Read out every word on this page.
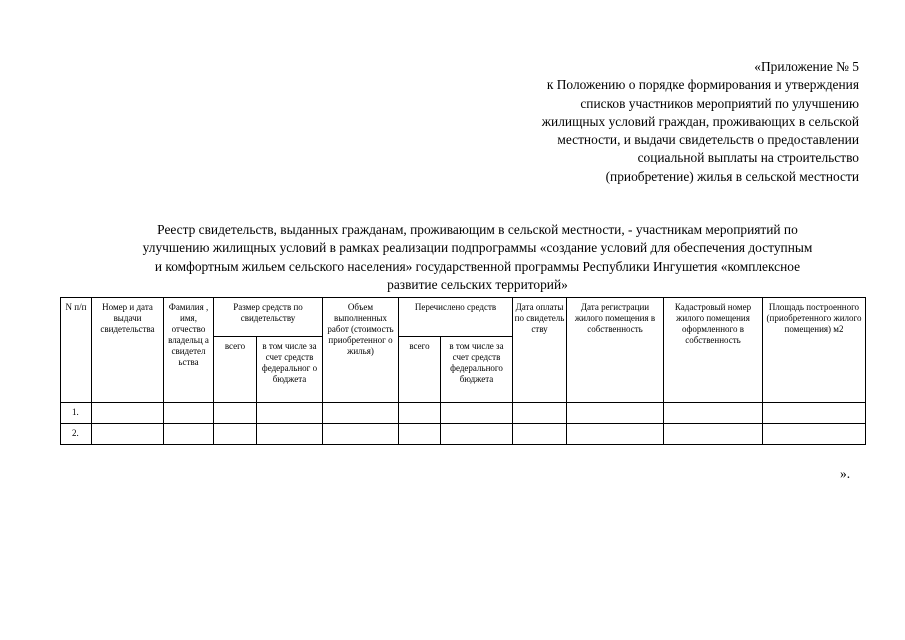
«Приложение № 5
к Положению о порядке формирования и утверждения
списков участников мероприятий по улучшению
жилищных условий граждан, проживающих в сельской
местности, и выдачи свидетельств о предоставлении
социальной выплаты на строительство
(приобретение) жилья в сельской местности
Реестр свидетельств, выданных гражданам, проживающим в сельской местности, - участникам мероприятий по
улучшению жилищных условий в рамках реализации подпрограммы «создание условий для обеспечения доступным
и комфортным жильем сельского населения» государственной программы Республики Ингушетия «комплексное
развитие сельских территорий»
N п/п	Номер и дата выдачи свидетельства	Фамилия , имя, отчество владельц а свидетел ьства	Размер средств по свидетельству		Объем выполненных работ (стоимость приобретенног о жилья)	Перечислено средств		Дата оплаты по свидетель ству	Дата регистрации жилого помещения в собственность	Кадастровый номер жилого помещения оформленного в собственность	Площадь построенного (приобретенного жилого помещения) м2
			всего	в том числе за счет средств федеральног о бюджета		всего	в том числе за счет средств федерального бюджета				
1.											
2.											
».
